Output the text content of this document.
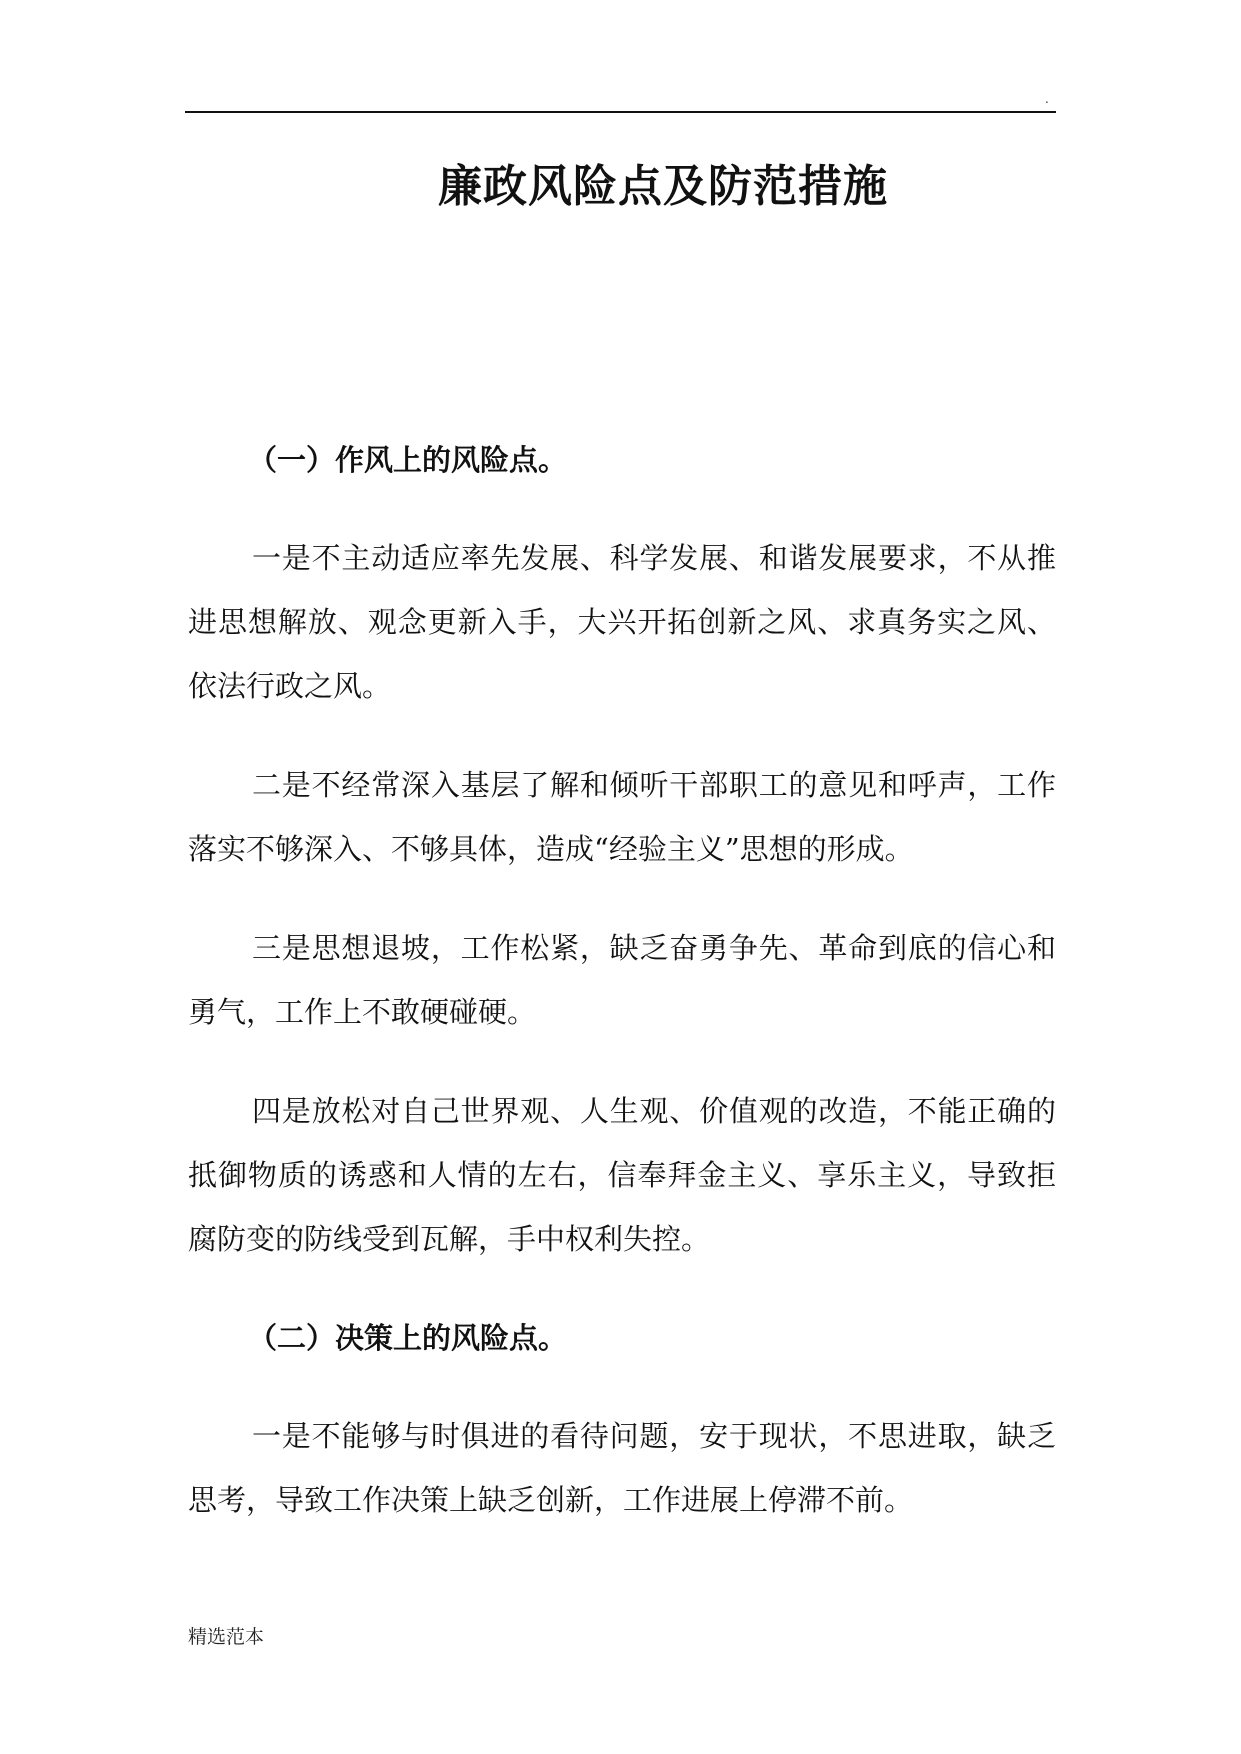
.
廉政风险点及防范措施

（一）作风上的风险点。

一是不主动适应率先发展、科学发展、和谐发展要求，不从推进思想解放、观念更新入手，大兴开拓创新之风、求真务实之风、依法行政之风。

二是不经常深入基层了解和倾听干部职工的意见和呼声，工作落实不够深入、不够具体，造成“经验主义”思想的形成。

三是思想退坡，工作松紧，缺乏奋勇争先、革命到底的信心和勇气，工作上不敢硬碰硬。

四是放松对自己世界观、人生观、价值观的改造，不能正确的抵御物质的诱惑和人情的左右，信奉拜金主义、享乐主义，导致拒腐防变的防线受到瓦解，手中权利失控。

（二）决策上的风险点。

一是不能够与时俱进的看待问题，安于现状，不思进取，缺乏思考，导致工作决策上缺乏创新，工作进展上停滞不前。

精选范本
